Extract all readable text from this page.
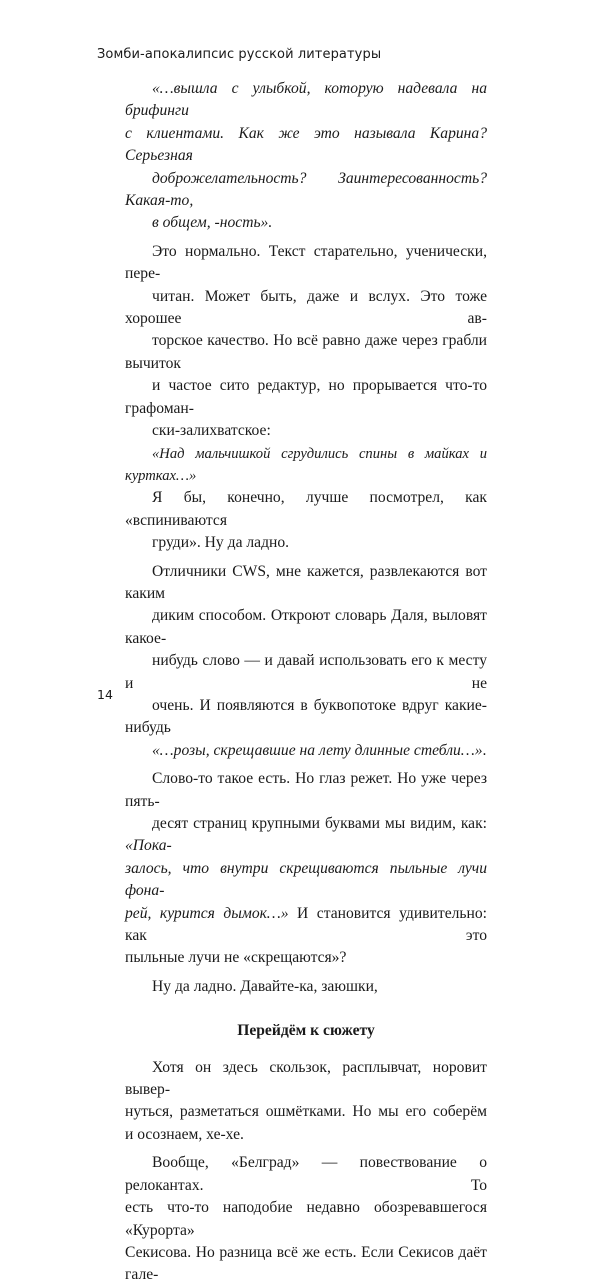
Зомби-апокалипсис русской литературы

«…вышла с улыбкой, которую надевала на брифинги
с клиентами. Как же это называла Карина? Серьезная
доброжелательность? Заинтересованность? Какая-то,
в общем, -ность».

Это нормально. Текст старательно, ученически, пере-
читан. Может быть, даже и вслух. Это тоже хорошее ав-
торское качество. Но всё равно даже через грабли вычиток
и частое сито редактур, но прорывается что-то графоман-
ски-залихватское:

«Над мальчишкой сгрудились спины в майках и куртках…»

Я бы, конечно, лучше посмотрел, как «вспиниваются
груди». Ну да ладно.

Отличники CWS, мне кажется, развлекаются вот каким
диким способом. Откроют словарь Даля, выловят какое-
нибудь слово — и давай использовать его к месту и не
очень. И появляются в буквопотоке вдруг какие-нибудь
«…розы, скрещавшие на лету длинные стебли…».

Слово-то такое есть. Но глаз режет. Но уже через пять-
десят страниц крупными буквами мы видим, как: «Пока-
залось, что внутри скрещиваются пыльные лучи фона-
рей, курится дымок…» И становится удивительно: как это
пыльные лучи не «скрещаются»?

Ну да ладно. Давайте-ка, заюшки,

Перейдём к сюжету

Хотя он здесь скользок, расплывчат, норовит вывер-
нуться, разметаться ошмётками. Но мы его соберём
и осознаем, хе-хе.

Вообще, «Белград» — повествование о релокантах. То
есть что-то наподобие недавно обозревавшегося «Курорта»
Секисова. Но разница всё же есть. Если Секисов даёт гале-

14
